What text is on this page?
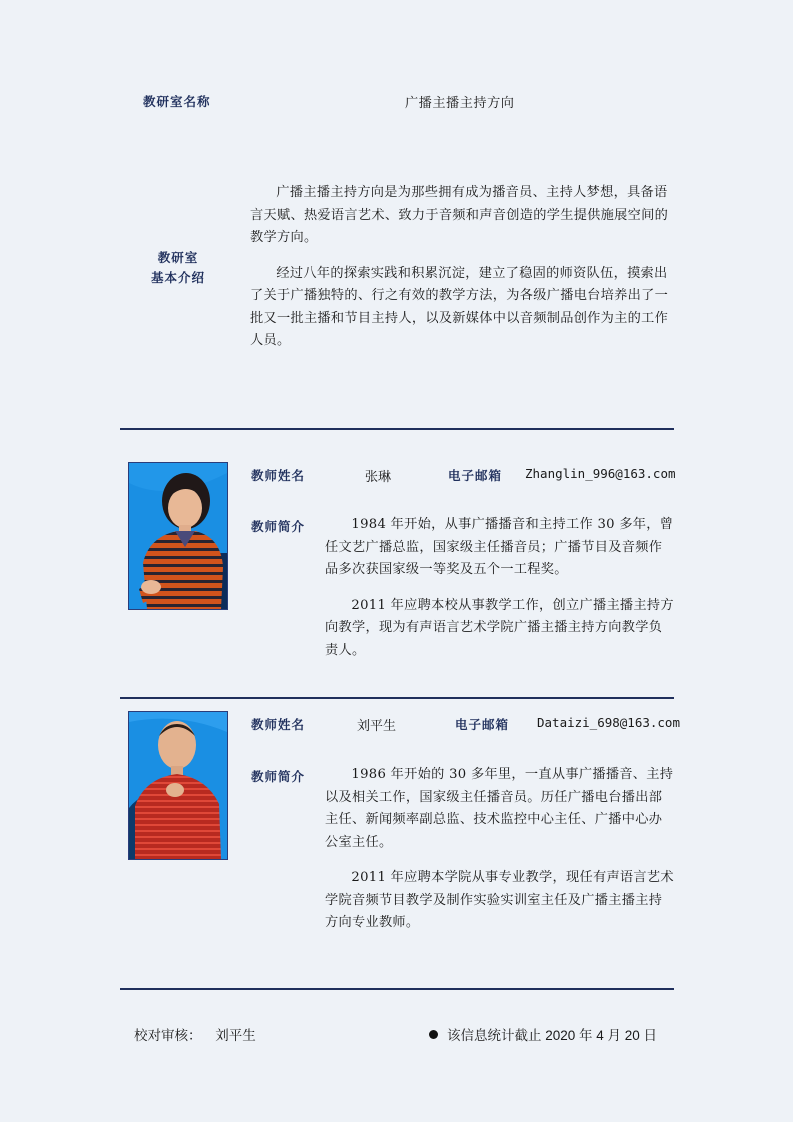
教研室名称	广播主播主持方向
教研室
基本介绍

广播主播主持方向是为那些拥有成为播音员、主持人梦想，具备语言天赋、热爱语言艺术、致力于音频和声音创造的学生提供施展空间的教学方向。

经过八年的探索实践和积累沉淀，建立了稳固的师资队伍，摸索出了关于广播独特的、行之有效的教学方法，为各级广播电台培养出了一批又一批主播和节目主持人，以及新媒体中以音频制品创作为主的工作人员。

教师姓名	张琳	电子邮箱 Zhanglin_996@163.com
教师简介	1984 年开始，从事广播播音和主持工作 30 多年，曾任文艺广播总监，国家级主任播音员；广播节目及音频作品多次获国家级一等奖及五个一工程奖。

2011 年应聘本校从事教学工作，创立广播主播主持方向教学，现为有声语言艺术学院广播主播主持方向教学负责人。

教师姓名	刘平生	电子邮箱 Dataizi_698@163.com
教师简介	1986 年开始的 30 多年里，一直从事广播播音、主持以及相关工作，国家级主任播音员。历任广播电台播出部主任、新闻频率副总监、技术监控中心主任、广播中心办公室主任。

2011 年应聘本学院从事专业教学，现任有声语言艺术学院音频节目教学及制作实验实训室主任及广播主播主持方向专业教师。

校对审核： 刘平生	该信息统计截止 2020 年 4 月 20 日
